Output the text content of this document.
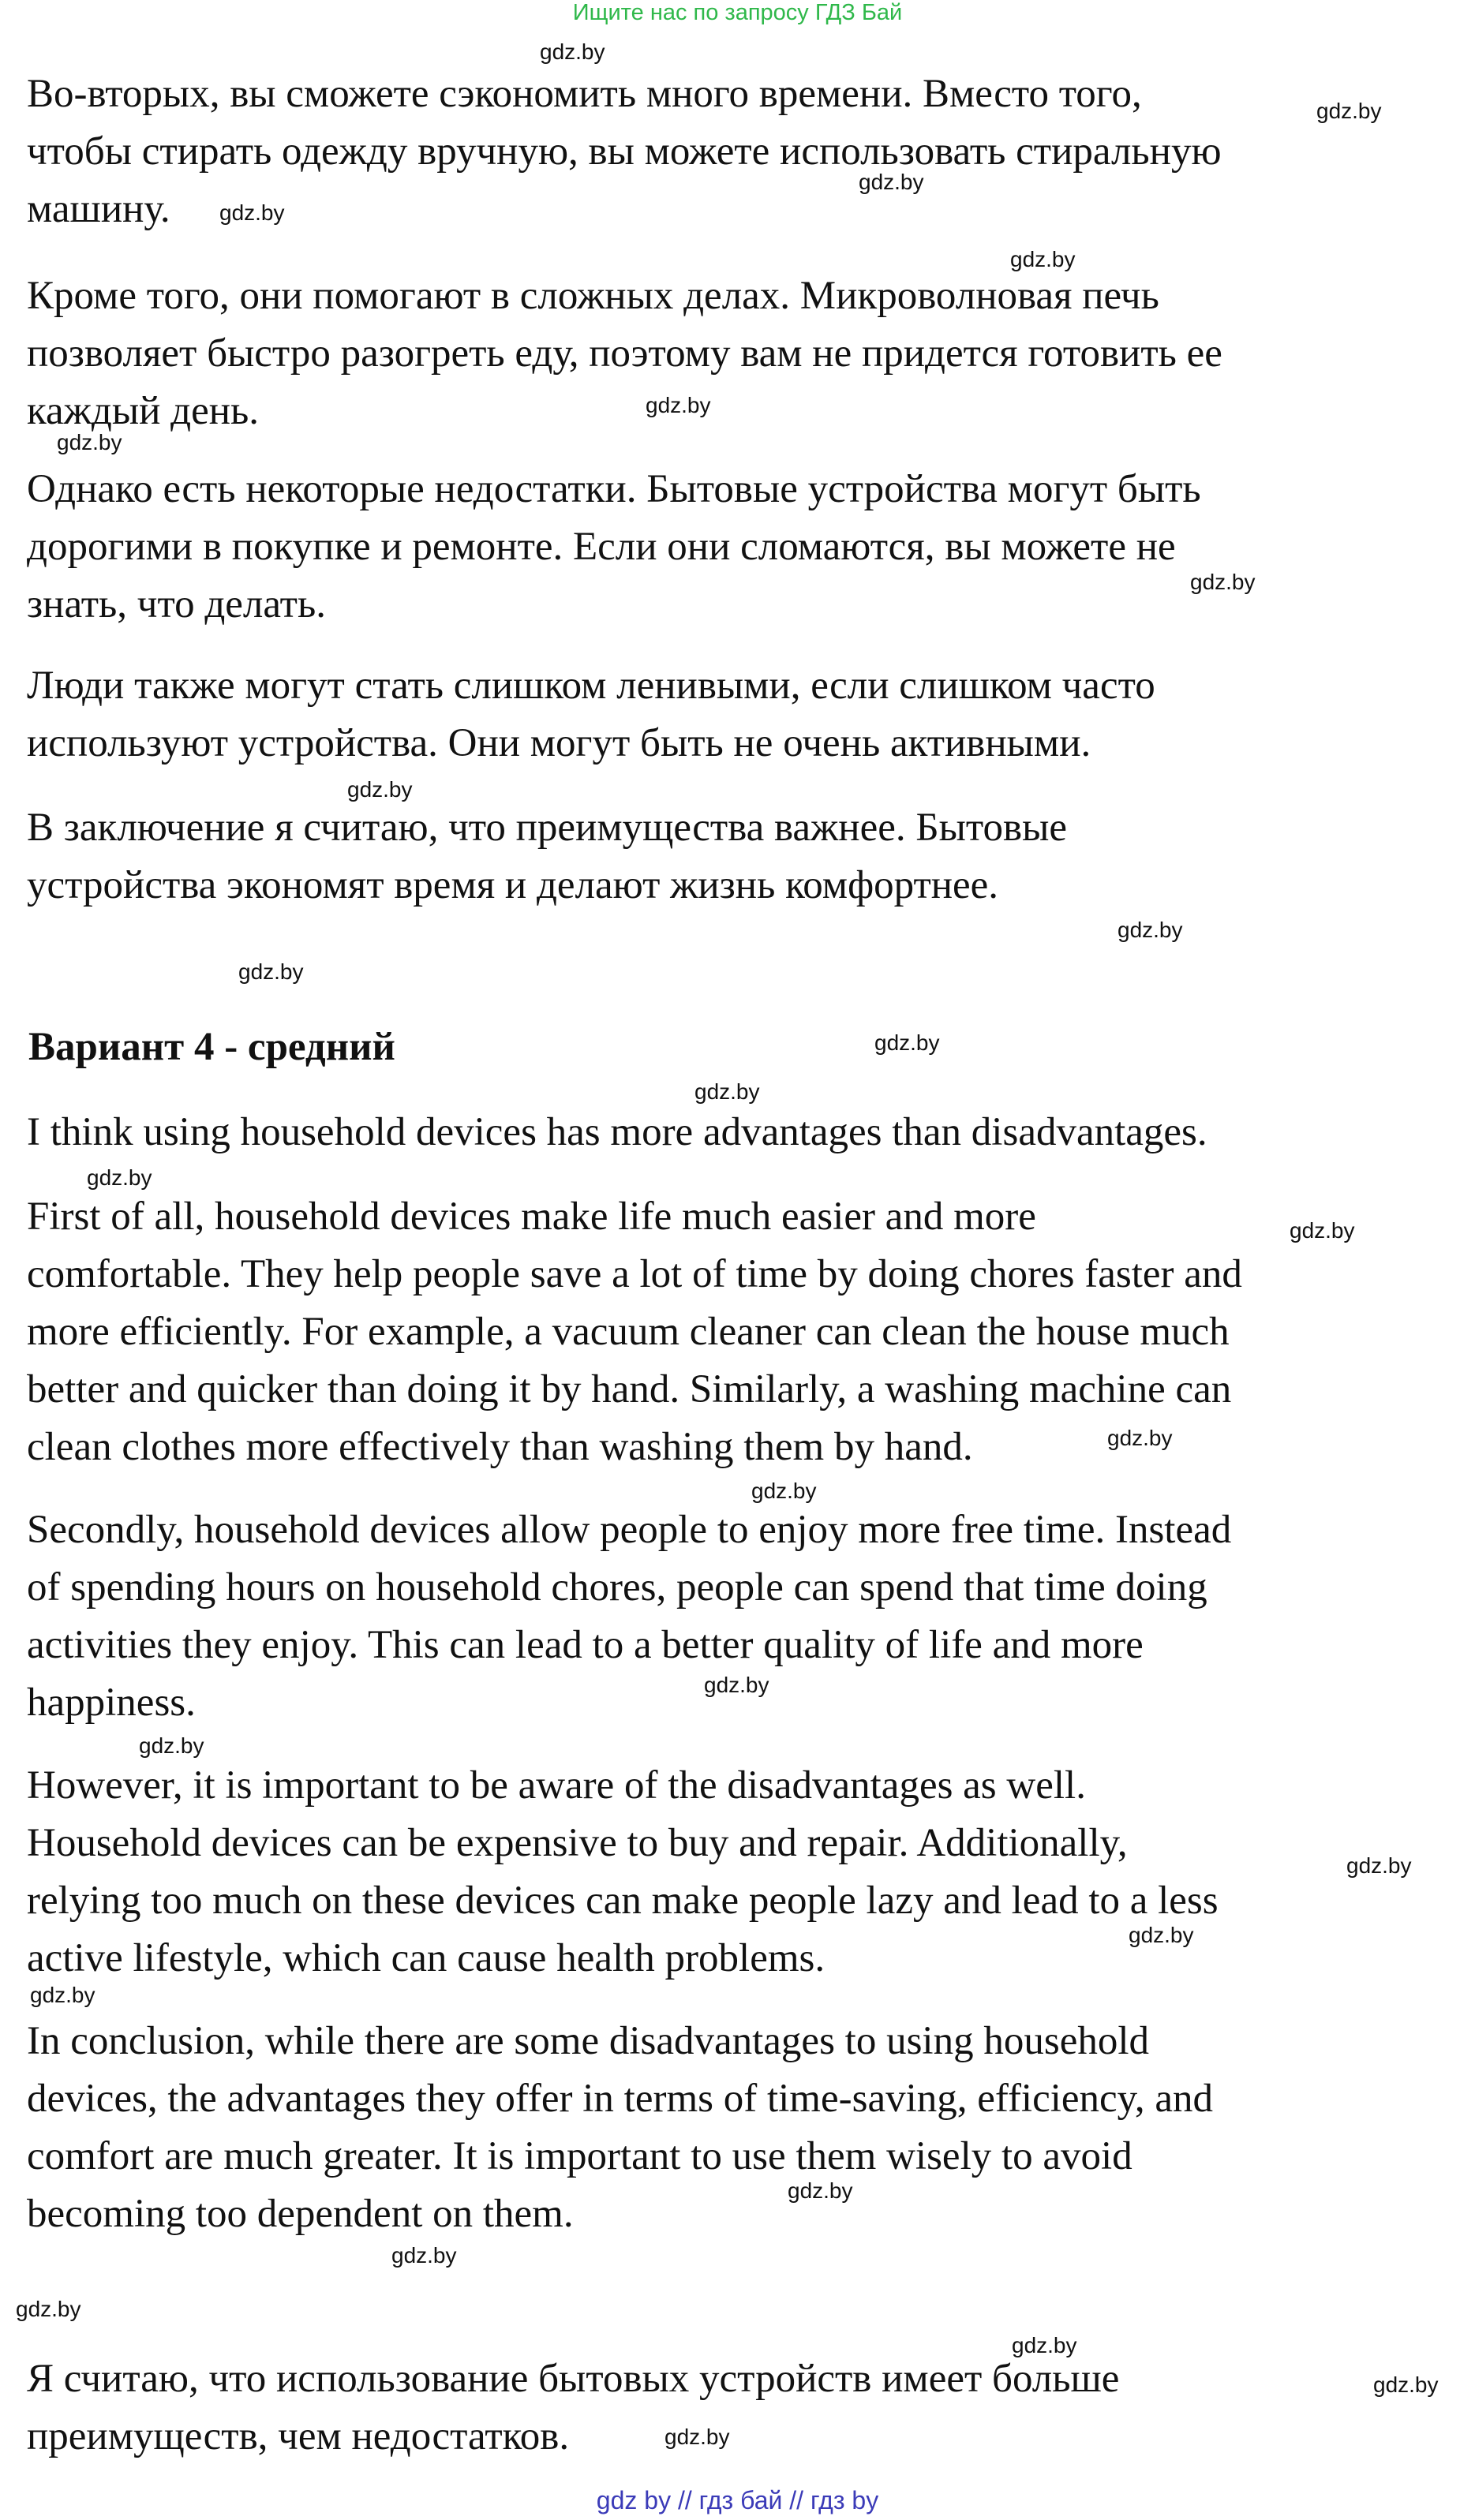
Ищите нас по запросу ГДЗ Бай
Во-вторых, вы сможете сэкономить много времени. Вместо того,
чтобы стирать одежду вручную, вы можете использовать стиральную
машину.
Кроме того, они помогают в сложных делах. Микроволновая печь
позволяет быстро разогреть еду, поэтому вам не придется готовить ее
каждый день.
Однако есть некоторые недостатки. Бытовые устройства могут быть
дорогими в покупке и ремонте. Если они сломаются, вы можете не
знать, что делать.
Люди также могут стать слишком ленивыми, если слишком часто
используют устройства. Они могут быть не очень активными.
В заключение я считаю, что преимущества важнее. Бытовые
устройства экономят время и делают жизнь комфортнее.
Вариант 4 - средний
I think using household devices has more advantages than disadvantages.
First of all, household devices make life much easier and more
comfortable. They help people save a lot of time by doing chores faster and
more efficiently. For example, a vacuum cleaner can clean the house much
better and quicker than doing it by hand. Similarly, a washing machine can
clean clothes more effectively than washing them by hand.
Secondly, household devices allow people to enjoy more free time. Instead
of spending hours on household chores, people can spend that time doing
activities they enjoy. This can lead to a better quality of life and more
happiness.
However, it is important to be aware of the disadvantages as well.
Household devices can be expensive to buy and repair. Additionally,
relying too much on these devices can make people lazy and lead to a less
active lifestyle, which can cause health problems.
In conclusion, while there are some disadvantages to using household
devices, the advantages they offer in terms of time-saving, efficiency, and
comfort are much greater. It is important to use them wisely to avoid
becoming too dependent on them.
Я считаю, что использование бытовых устройств имеет больше
преимуществ, чем недостатков.
gdz.by
gdz.by
gdz.by
gdz.by
gdz.by
gdz.by
gdz.by
gdz.by
gdz.by
gdz.by
gdz.by
gdz.by
gdz.by
gdz.by
gdz.by
gdz.by
gdz.by
gdz.by
gdz.by
gdz.by
gdz.by
gdz.by
gdz.by
gdz.by
gdz.by
gdz.by
gdz.by
gdz.by
gdz by // гдз бай // гдз by
